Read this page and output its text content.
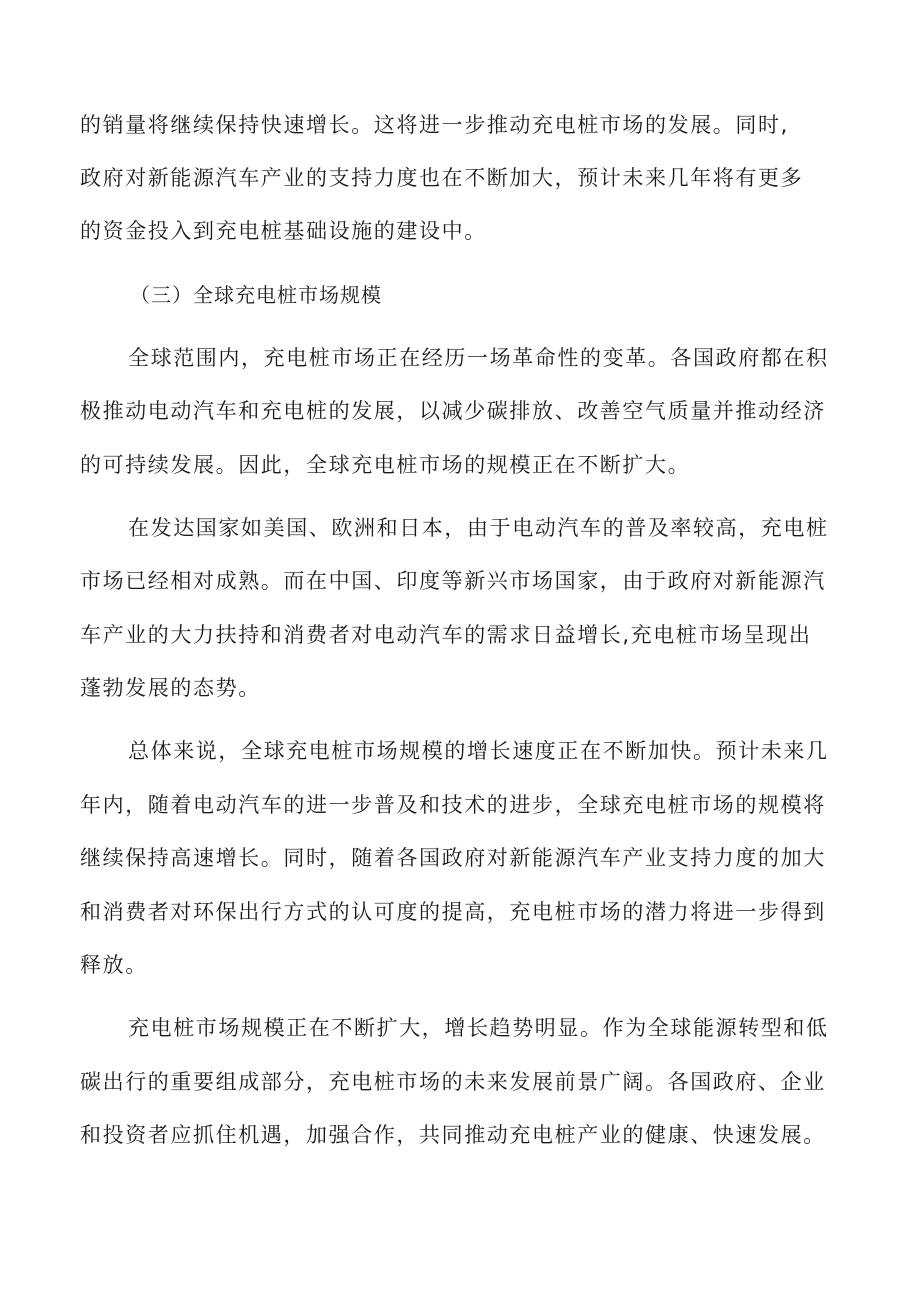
的销量将继续保持快速增长。这将进一步推动充电桩市场的发展。同时,
政府对新能源汽车产业的支持力度也在不断加大，预计未来几年将有更多
的资金投入到充电桩基础设施的建设中。
（三）全球充电桩市场规模
全球范围内，充电桩市场正在经历一场革命性的变革。各国政府都在积
极推动电动汽车和充电桩的发展，以减少碳排放、改善空气质量并推动经济
的可持续发展。因此，全球充电桩市场的规模正在不断扩大。
在发达国家如美国、欧洲和日本，由于电动汽车的普及率较高，充电桩
市场已经相对成熟。而在中国、印度等新兴市场国家，由于政府对新能源汽
车产业的大力扶持和消费者对电动汽车的需求日益增长,充电桩市场呈现出
蓬勃发展的态势。
总体来说，全球充电桩市场规模的增长速度正在不断加快。预计未来几
年内，随着电动汽车的进一步普及和技术的进步，全球充电桩市场的规模将
继续保持高速增长。同时，随着各国政府对新能源汽车产业支持力度的加大
和消费者对环保出行方式的认可度的提高，充电桩市场的潜力将进一步得到
释放。
充电桩市场规模正在不断扩大，增长趋势明显。作为全球能源转型和低
碳出行的重要组成部分，充电桩市场的未来发展前景广阔。各国政府、企业
和投资者应抓住机遇，加强合作，共同推动充电桩产业的健康、快速发展。
